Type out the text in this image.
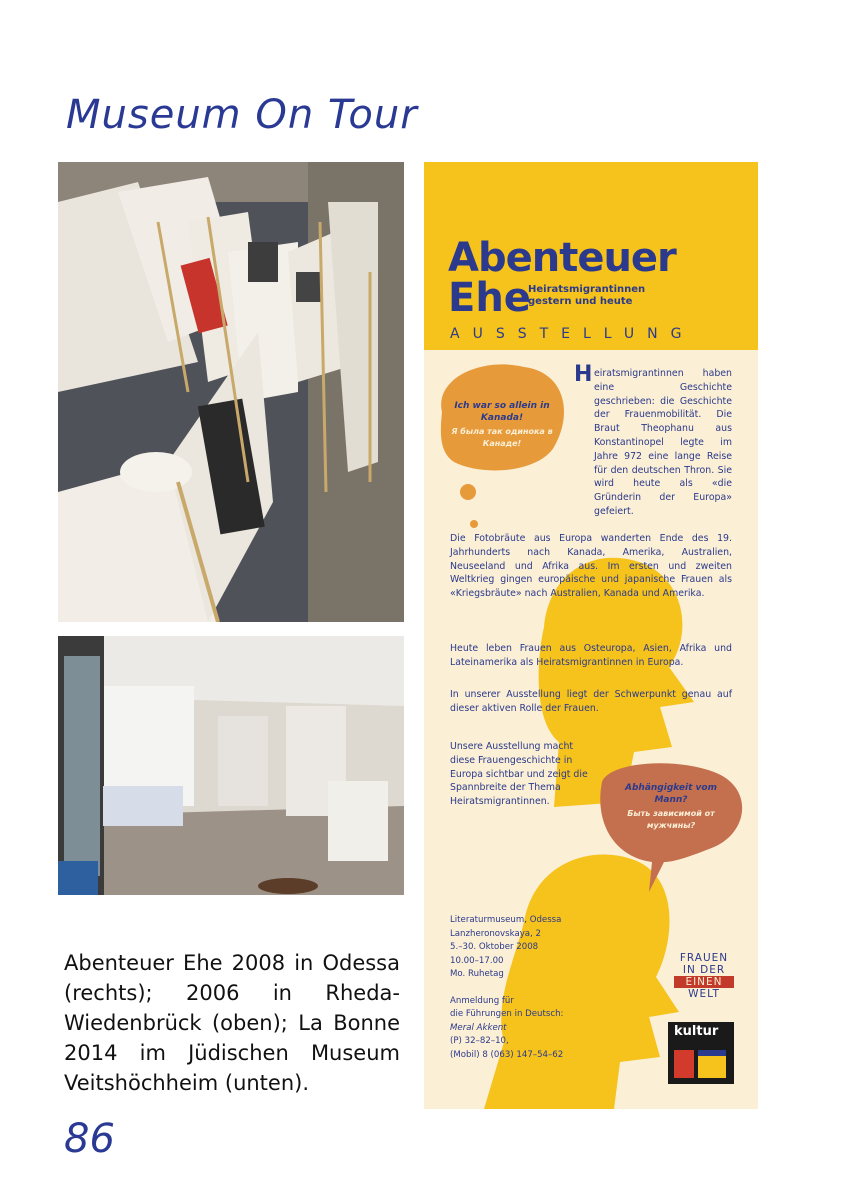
Museum On Tour
Abenteuer Ehe 2008 in Odessa (rechts); 2006 in Rheda-Wiedenbrück (oben); La Bonne 2014 im Jüdischen Museum Veitshöchheim (unten).
86
Abenteuer
Ehe
Heiratsmigrantinnen gestern und heute
AUSSTELLUNG
Ich war so allein in Kanada!
Я была так одинока в Канаде!
H eiratsmigrantinnen haben eine Geschichte geschrieben: die Geschichte der Frauenmobilität. Die Braut Theophanu aus Konstantinopel legte im Jahre 972 eine lange Reise für den deutschen Thron. Sie wird heute als «die Gründerin der Europa» gefeiert.
Die Fotobräute aus Europa wanderten Ende des 19. Jahrhunderts nach Kanada, Amerika, Australien, Neuseeland und Afrika aus. Im ersten und zweiten Weltkrieg gingen europäische und japanische Frauen als «Kriegsbräute» nach Australien, Kanada und Amerika.
Heute leben Frauen aus Osteuropa, Asien, Afrika und Lateinamerika als Heiratsmigrantinnen in Europa.
In unserer Ausstellung liegt der Schwerpunkt genau auf dieser aktiven Rolle der Frauen.
Unsere Ausstellung macht diese Frauengeschichte in Europa sichtbar und zeigt die Spannbreite der Thema Heiratsmigrantinnen.
Abhängigkeit vom Mann?
Быть зависимой от мужчины?
Literaturmuseum, Odessa
Lanzheronovskaya, 2
5.–30. Oktober 2008
10.00–17.00
Mo. Ruhetag
Anmeldung für
die Führungen in Deutsch:
Meral Akkent
(P) 32–82–10,
(Mobil) 8 (063) 147–54–62
FRAUEN
IN DER
EINEN
WELT
kultur
